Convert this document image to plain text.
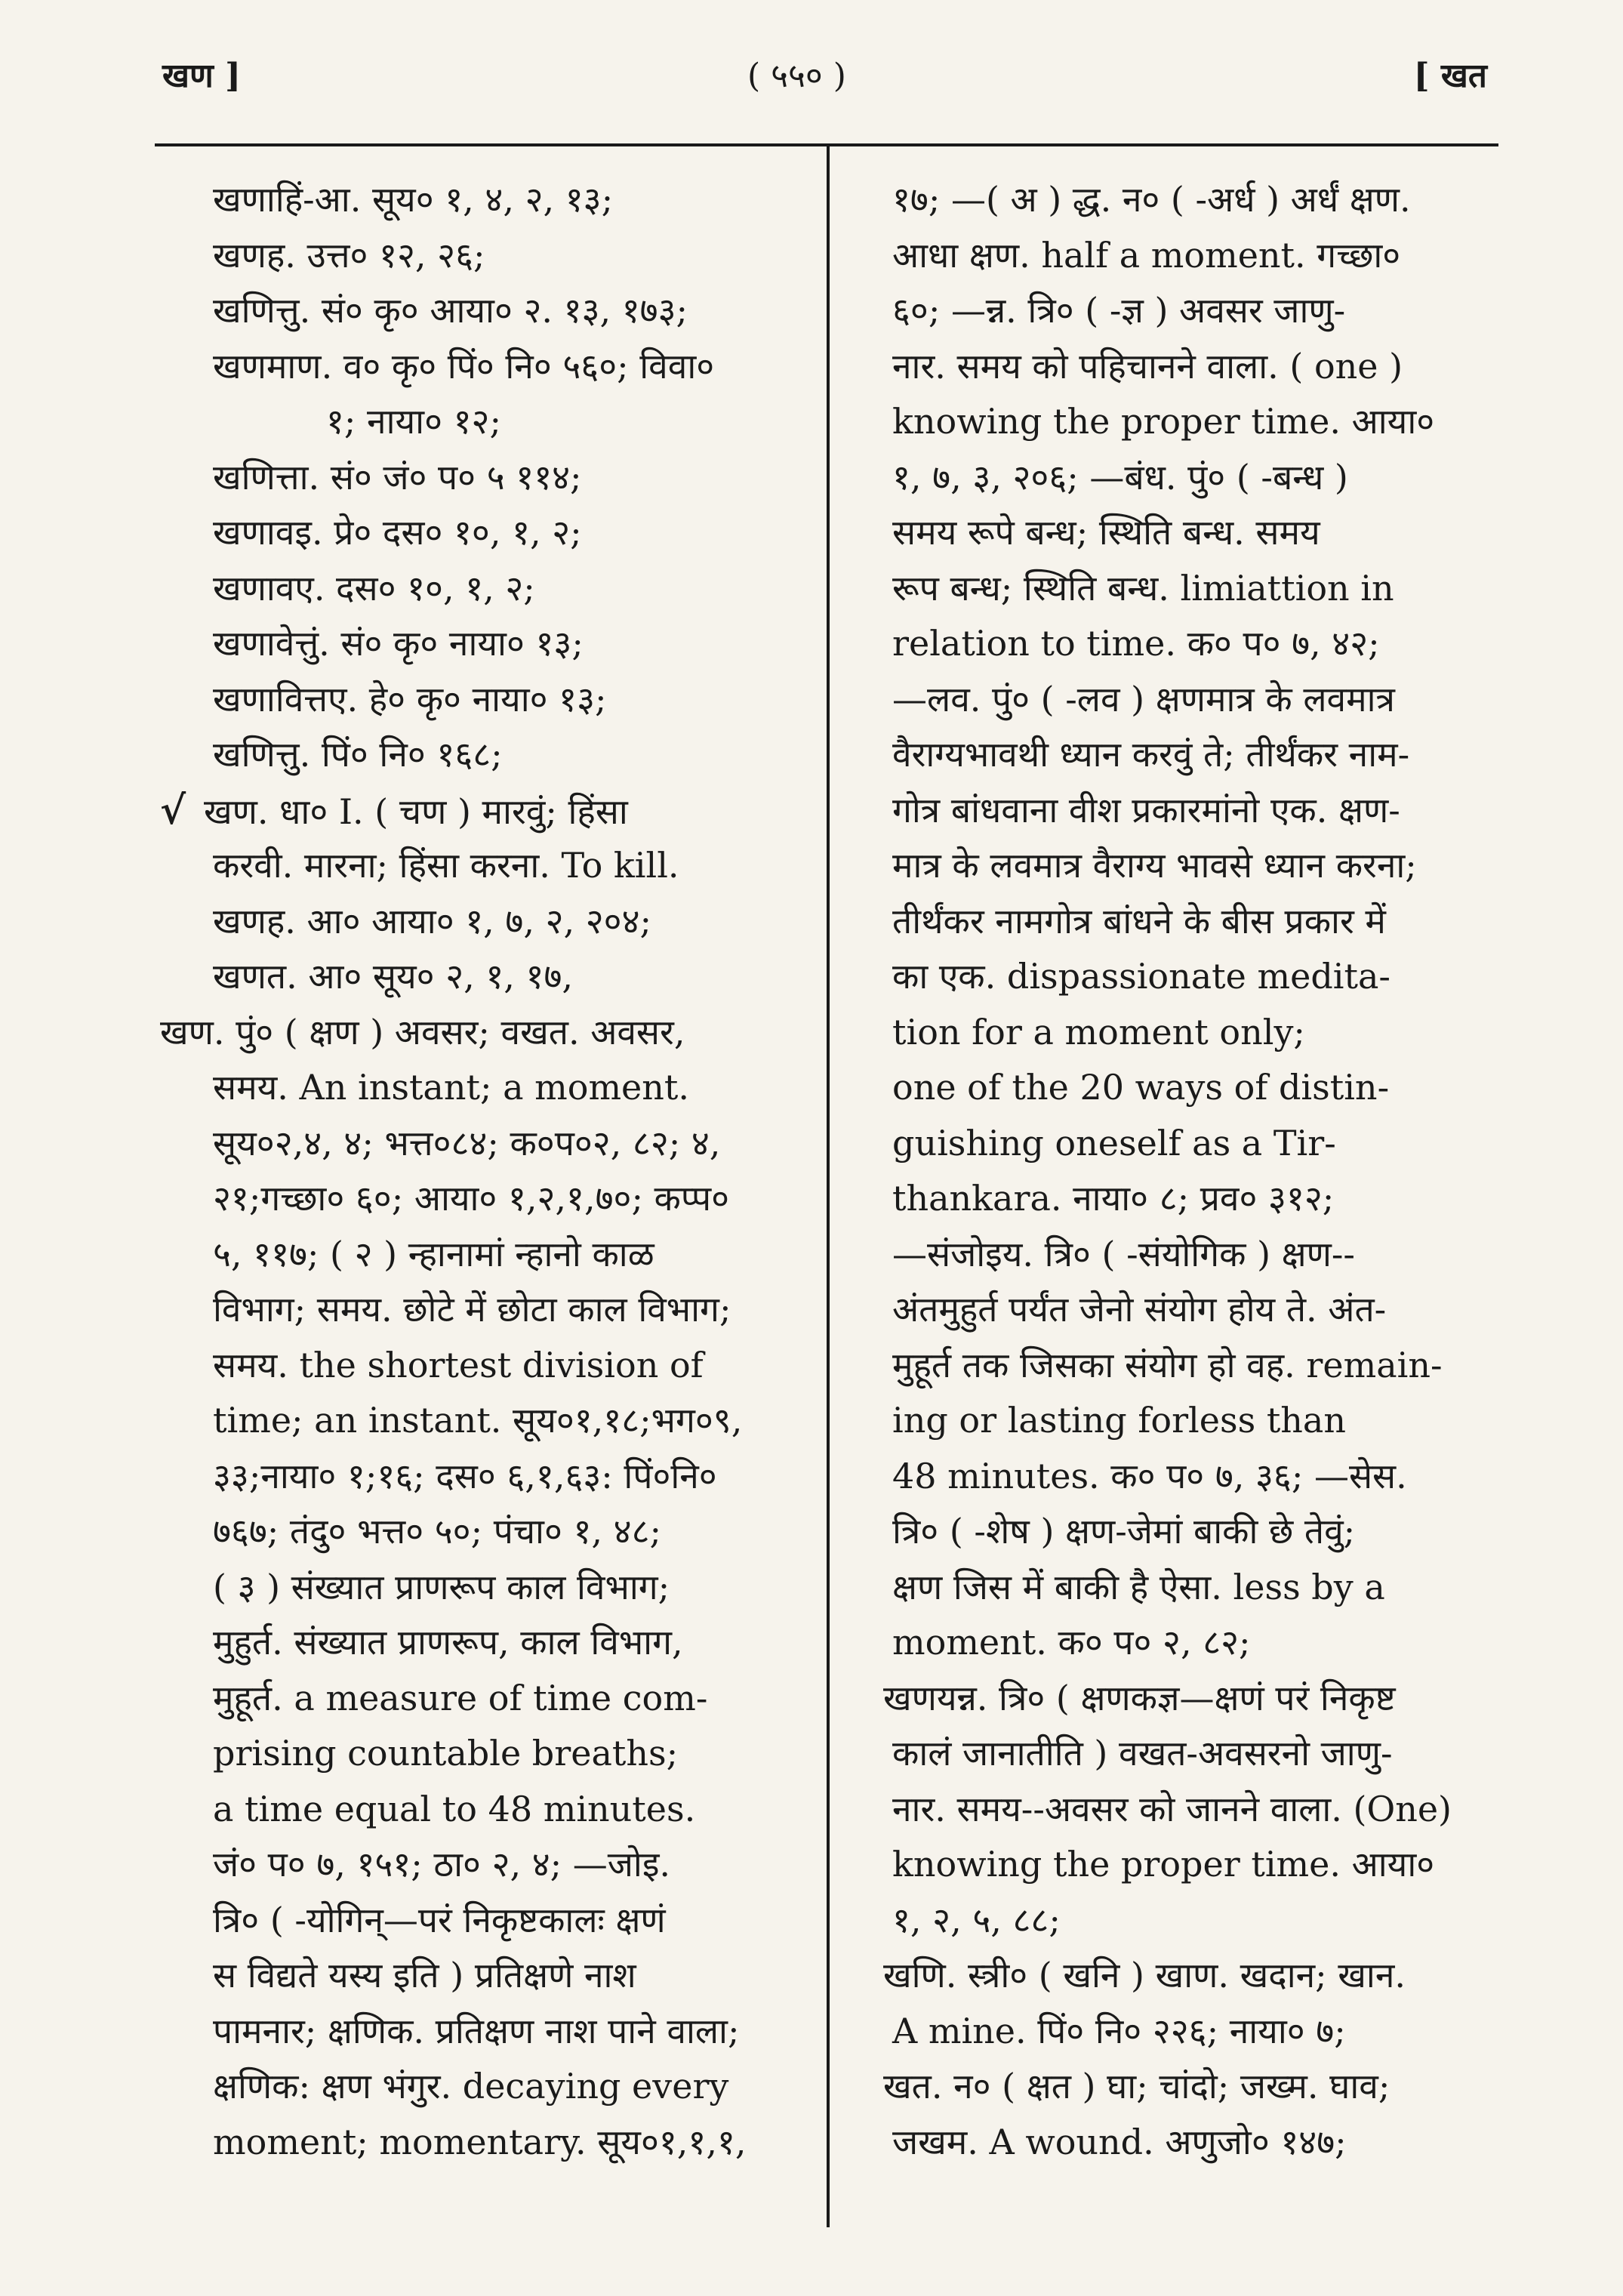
खण ]	( ५५० )	[ खत
खणाहिं-आ. सूय० १, ४, २, १३;
खणह. उत्त० १२, २६;
खणित्तु. सं० कृ० आया० २. १३, १७३;
खणमाण. व० कृ० पिं० नि० ५६०; विवा०
१; नाया० १२;
खणित्ता. सं० जं० प० ५ ११४;
खणावइ. प्रे० दस० १०, १, २;
खणावए. दस० १०, १, २;
खणावेत्तुं. सं० कृ० नाया० १३;
खणावित्तए. हे० कृ० नाया० १३;
खणित्तु. पिं० नि० १६८;
√ खण. धा० I. ( चण ) मारवुं; हिंसा
करवी. मारना; हिंसा करना. To kill.
खणह. आ० आया० १, ७, २, २०४;
खणत. आ० सूय० २, १, १७,
खण. पुं० ( क्षण ) अवसर; वखत. अवसर,
समय. An instant; a moment.
सूय०२,४, ४; भत्त०८४; क०प०२, ८२; ४,
२१;गच्छा० ६०; आया० १,२,१,७०; कप्प०
५, ११७; ( २ ) न्हानामां न्हानो काळ
विभाग; समय. छोटे में छोटा काल विभाग;
समय. the shortest division of
time; an instant. सूय०१,१८;भग०९,
३३;नाया० १;१६; दस० ६,१,६३: पिं०नि०
७६७; तंदु० भत्त० ५०; पंचा० १, ४८;
( ३ ) संख्यात प्राणरूप काल विभाग;
मुहुर्त. संख्यात प्राणरूप, काल विभाग,
मुहूर्त. a measure of time com-
prising countable breaths;
a time equal to 48 minutes.
जं० प० ७, १५१; ठा० २, ४; —जोइ.
त्रि० ( -योगिन्—परं निकृष्टकालः क्षणं
स विद्यते यस्य इति ) प्रतिक्षणे नाश
पामनार; क्षणिक. प्रतिक्षण नाश पाने वाला;
क्षणिक: क्षण भंगुर. decaying every
moment; momentary. सूय०१,१,१,
१७; —( अ ) द्ध. न० ( -अर्ध ) अर्धं क्षण.
आधा क्षण. half a moment. गच्छा०
६०; —न्न. त्रि० ( -ज्ञ ) अवसर जाणु-
नार. समय को पहिचानने वाला. ( one )
knowing the proper time. आया०
१, ७, ३, २०६; —बंध. पुं० ( -बन्ध )
समय रूपे बन्ध; स्थिति बन्ध. समय
रूप बन्ध; स्थिति बन्ध. limiattion in
relation to time. क० प० ७, ४२;
—लव. पुं० ( -लव ) क्षणमात्र के लवमात्र
वैराग्यभावथी ध्यान करवुं ते; तीर्थंकर नाम-
गोत्र बांधवाना वीश प्रकारमांनो एक. क्षण-
मात्र के लवमात्र वैराग्य भावसे ध्यान करना;
तीर्थंकर नामगोत्र बांधने के बीस प्रकार में
का एक. dispassionate medita-
tion for a moment only;
one of the 20 ways of distin-
guishing oneself as a Tir-
thankara. नाया० ८; प्रव० ३१२;
—संजोइय. त्रि० ( -संयोगिक ) क्षण--
अंतमुहुर्त पर्यंत जेनो संयोग होय ते. अंत-
मुहूर्त तक जिसका संयोग हो वह. remain-
ing or lasting forless than
48 minutes. क० प० ७, ३६; —सेस.
त्रि० ( -शेष ) क्षण-जेमां बाकी छे तेवुं;
क्षण जिस में बाकी है ऐसा. less by a
moment. क० प० २, ८२;
खणयन्न. त्रि० ( क्षणकज्ञ—क्षणं परं निकृष्ट
कालं जानातीति ) वखत-अवसरनो जाणु-
नार. समय--अवसर को जानने वाला. (One)
knowing the proper time. आया०
१, २, ५, ८८;
खणि. स्त्री० ( खनि ) खाण. खदान; खान.
A mine. पिं० नि० २२६; नाया० ७;
खत. न० ( क्षत ) घा; चांदो; जख्म. घाव;
जखम. A wound. अणुजो० १४७;
